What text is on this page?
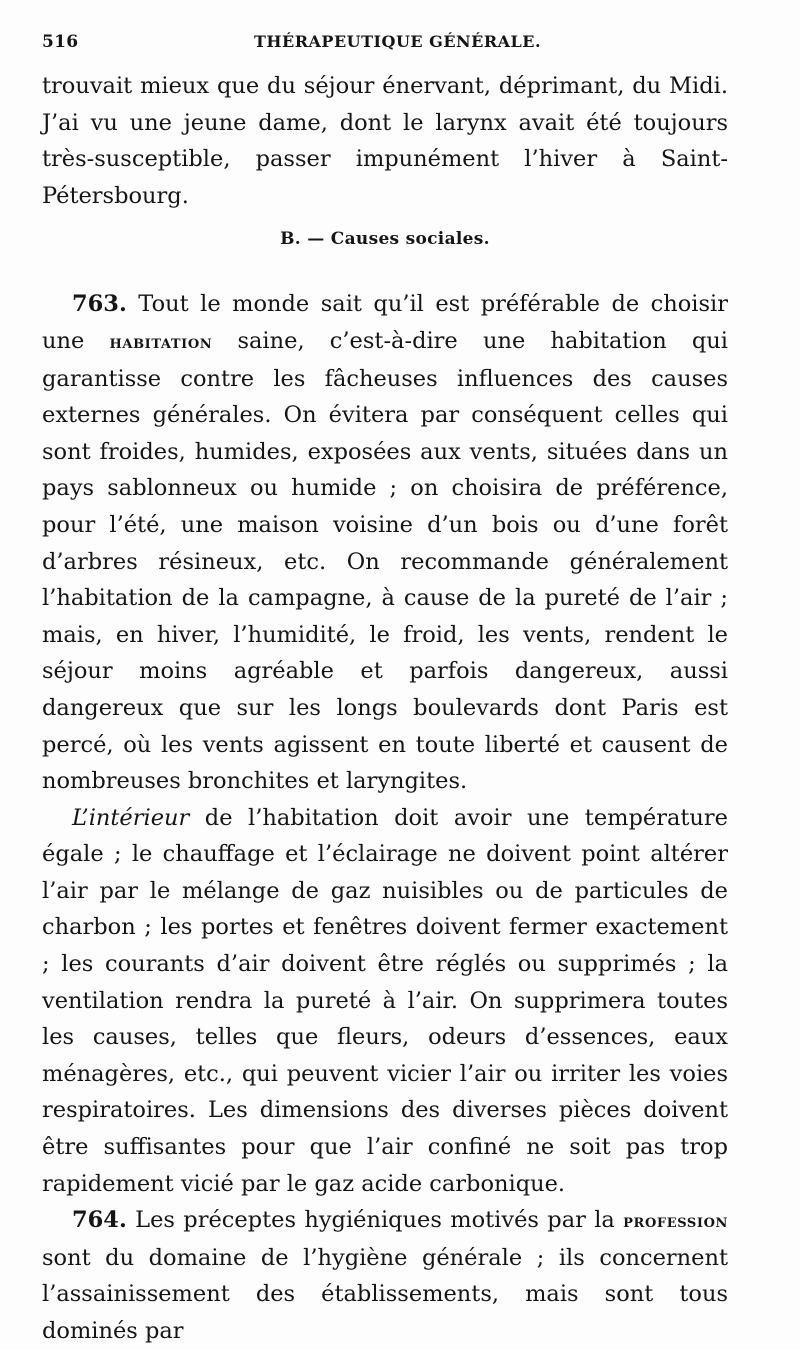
516	THÉRAPEUTIQUE GÉNÉRALE.

trouvait mieux que du séjour énervant, déprimant, du Midi. J’ai vu une jeune dame, dont le larynx avait été toujours très-susceptible, passer impunément l’hiver à Saint-Pétersbourg.

B. — Causes sociales.

763. Tout le monde sait qu’il est préférable de choisir une habitation saine, c’est-à-dire une habitation qui garantisse contre les fâcheuses influences des causes externes générales. On évitera par conséquent celles qui sont froides, humides, exposées aux vents, situées dans un pays sablonneux ou humide ; on choisira de préférence, pour l’été, une maison voisine d’un bois ou d’une forêt d’arbres résineux, etc. On recommande généralement l’habitation de la campagne, à cause de la pureté de l’air ; mais, en hiver, l’humidité, le froid, les vents, rendent le séjour moins agréable et parfois dangereux, aussi dangereux que sur les longs boulevards dont Paris est percé, où les vents agissent en toute liberté et causent de nombreuses bronchites et laryngites.

L’intérieur de l’habitation doit avoir une température égale ; le chauffage et l’éclairage ne doivent point altérer l’air par le mélange de gaz nuisibles ou de particules de charbon ; les portes et fenêtres doivent fermer exactement ; les courants d’air doivent être réglés ou supprimés ; la ventilation rendra la pureté à l’air. On supprimera toutes les causes, telles que fleurs, odeurs d’essences, eaux ménagères, etc., qui peuvent vicier l’air ou irriter les voies respiratoires. Les dimensions des diverses pièces doivent être suffisantes pour que l’air confiné ne soit pas trop rapidement vicié par le gaz acide carbonique.

764. Les préceptes hygiéniques motivés par la profession sont du domaine de l’hygiène générale ; ils concernent l’assainissement des établissements, mais sont tous dominés par
